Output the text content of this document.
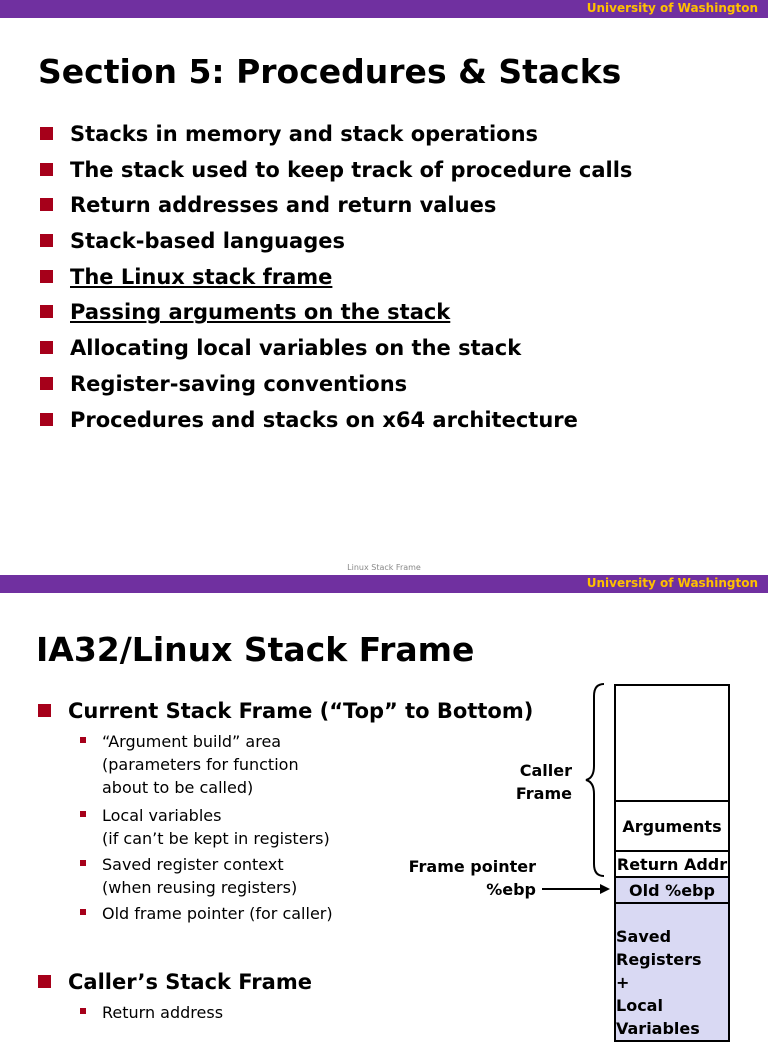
University of Washington
Section 5: Procedures & Stacks
Stacks in memory and stack operations
The stack used to keep track of procedure calls
Return addresses and return values
Stack-based languages
The Linux stack frame
Passing arguments on the stack
Allocating local variables on the stack
Register-saving conventions
Procedures and stacks on x64 architecture
Linux Stack Frame
University of Washington
IA32/Linux Stack Frame
Current Stack Frame (“Top” to Bottom)
“Argument build” area
(parameters for function
about to be called)
Local variables
(if can’t be kept in registers)
Saved register context
(when reusing registers)
Old frame pointer (for caller)
Caller’s Stack Frame
Return address
Caller
Frame
Frame pointer
%ebp
Arguments
Return Addr
Old %ebp
Saved
Registers
+
Local
Variables
